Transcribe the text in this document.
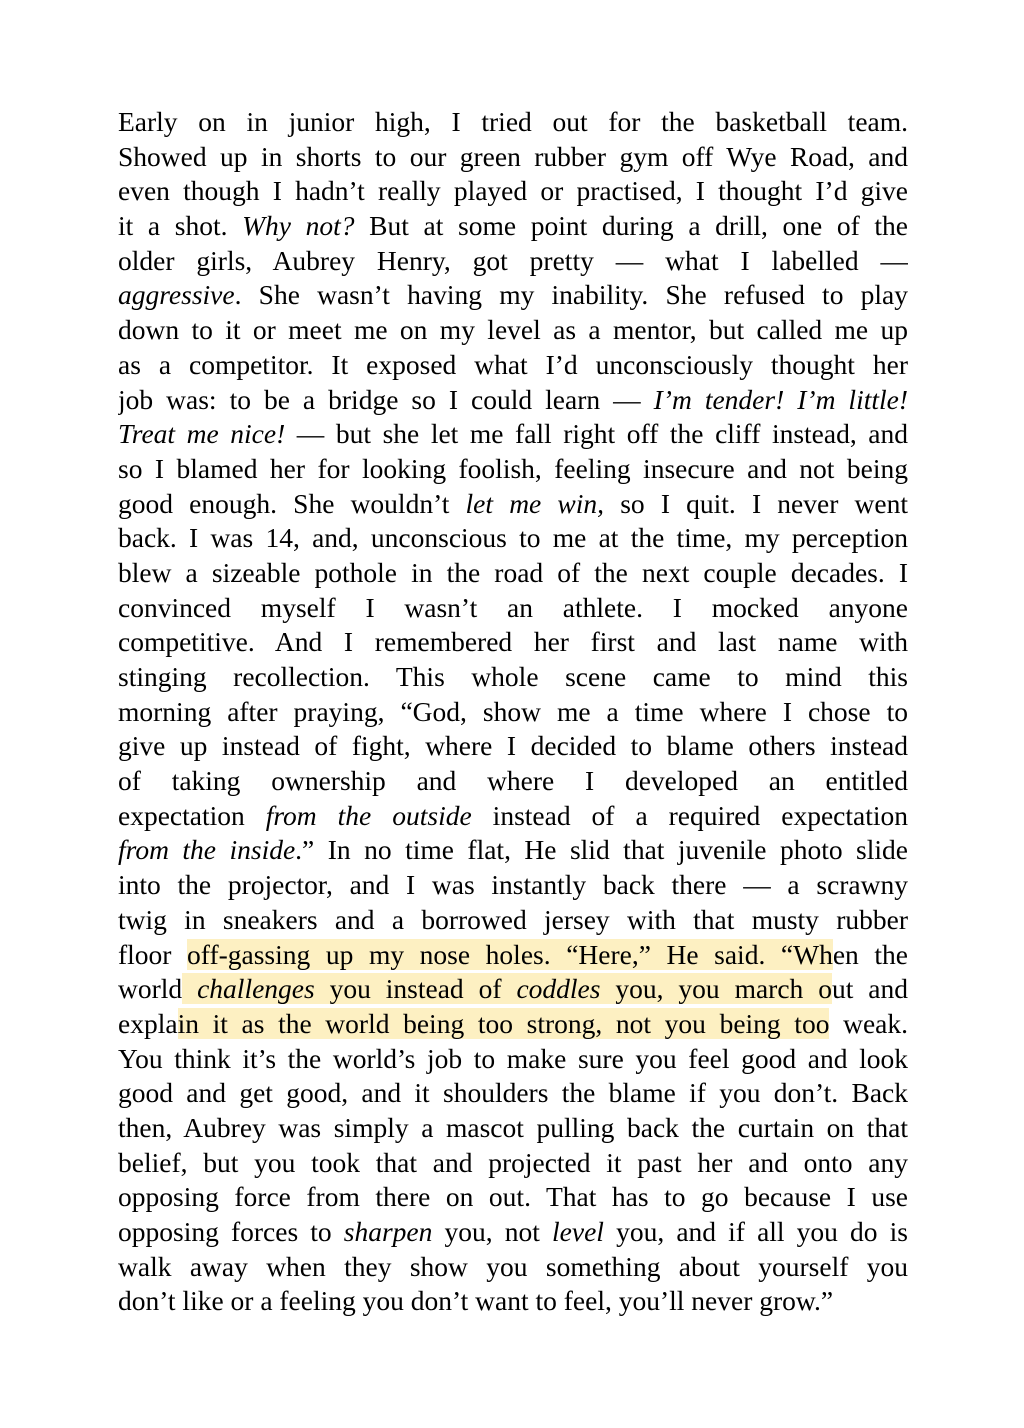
Early on in junior high, I tried out for the basketball team.
Showed up in shorts to our green rubber gym off Wye Road, and
even though I hadn’t really played or practised, I thought I’d give
it a shot. Why not? But at some point during a drill, one of the
older girls, Aubrey Henry, got pretty — what I labelled —
aggressive. She wasn’t having my inability. She refused to play
down to it or meet me on my level as a mentor, but called me up
as a competitor. It exposed what I’d unconsciously thought her
job was: to be a bridge so I could learn — I’m tender! I’m little!
Treat me nice! — but she let me fall right off the cliff instead, and
so I blamed her for looking foolish, feeling insecure and not being
good enough. She wouldn’t let me win, so I quit. I never went
back. I was 14, and, unconscious to me at the time, my perception
blew a sizeable pothole in the road of the next couple decades. I
convinced myself I wasn’t an athlete. I mocked anyone
competitive. And I remembered her first and last name with
stinging recollection. This whole scene came to mind this
morning after praying, “God, show me a time where I chose to
give up instead of fight, where I decided to blame others instead
of taking ownership and where I developed an entitled
expectation from the outside instead of a required expectation
from the inside.” In no time flat, He slid that juvenile photo slide
into the projector, and I was instantly back there — a scrawny
twig in sneakers and a borrowed jersey with that musty rubber
floor off-gassing up my nose holes. “Here,” He said. “When the
world challenges you instead of coddles you, you march out and
explain it as the world being too strong, not you being too weak.
You think it’s the world’s job to make sure you feel good and look
good and get good, and it shoulders the blame if you don’t. Back
then, Aubrey was simply a mascot pulling back the curtain on that
belief, but you took that and projected it past her and onto any
opposing force from there on out. That has to go because I use
opposing forces to sharpen you, not level you, and if all you do is
walk away when they show you something about yourself you
don’t like or a feeling you don’t want to feel, you’ll never grow.”
